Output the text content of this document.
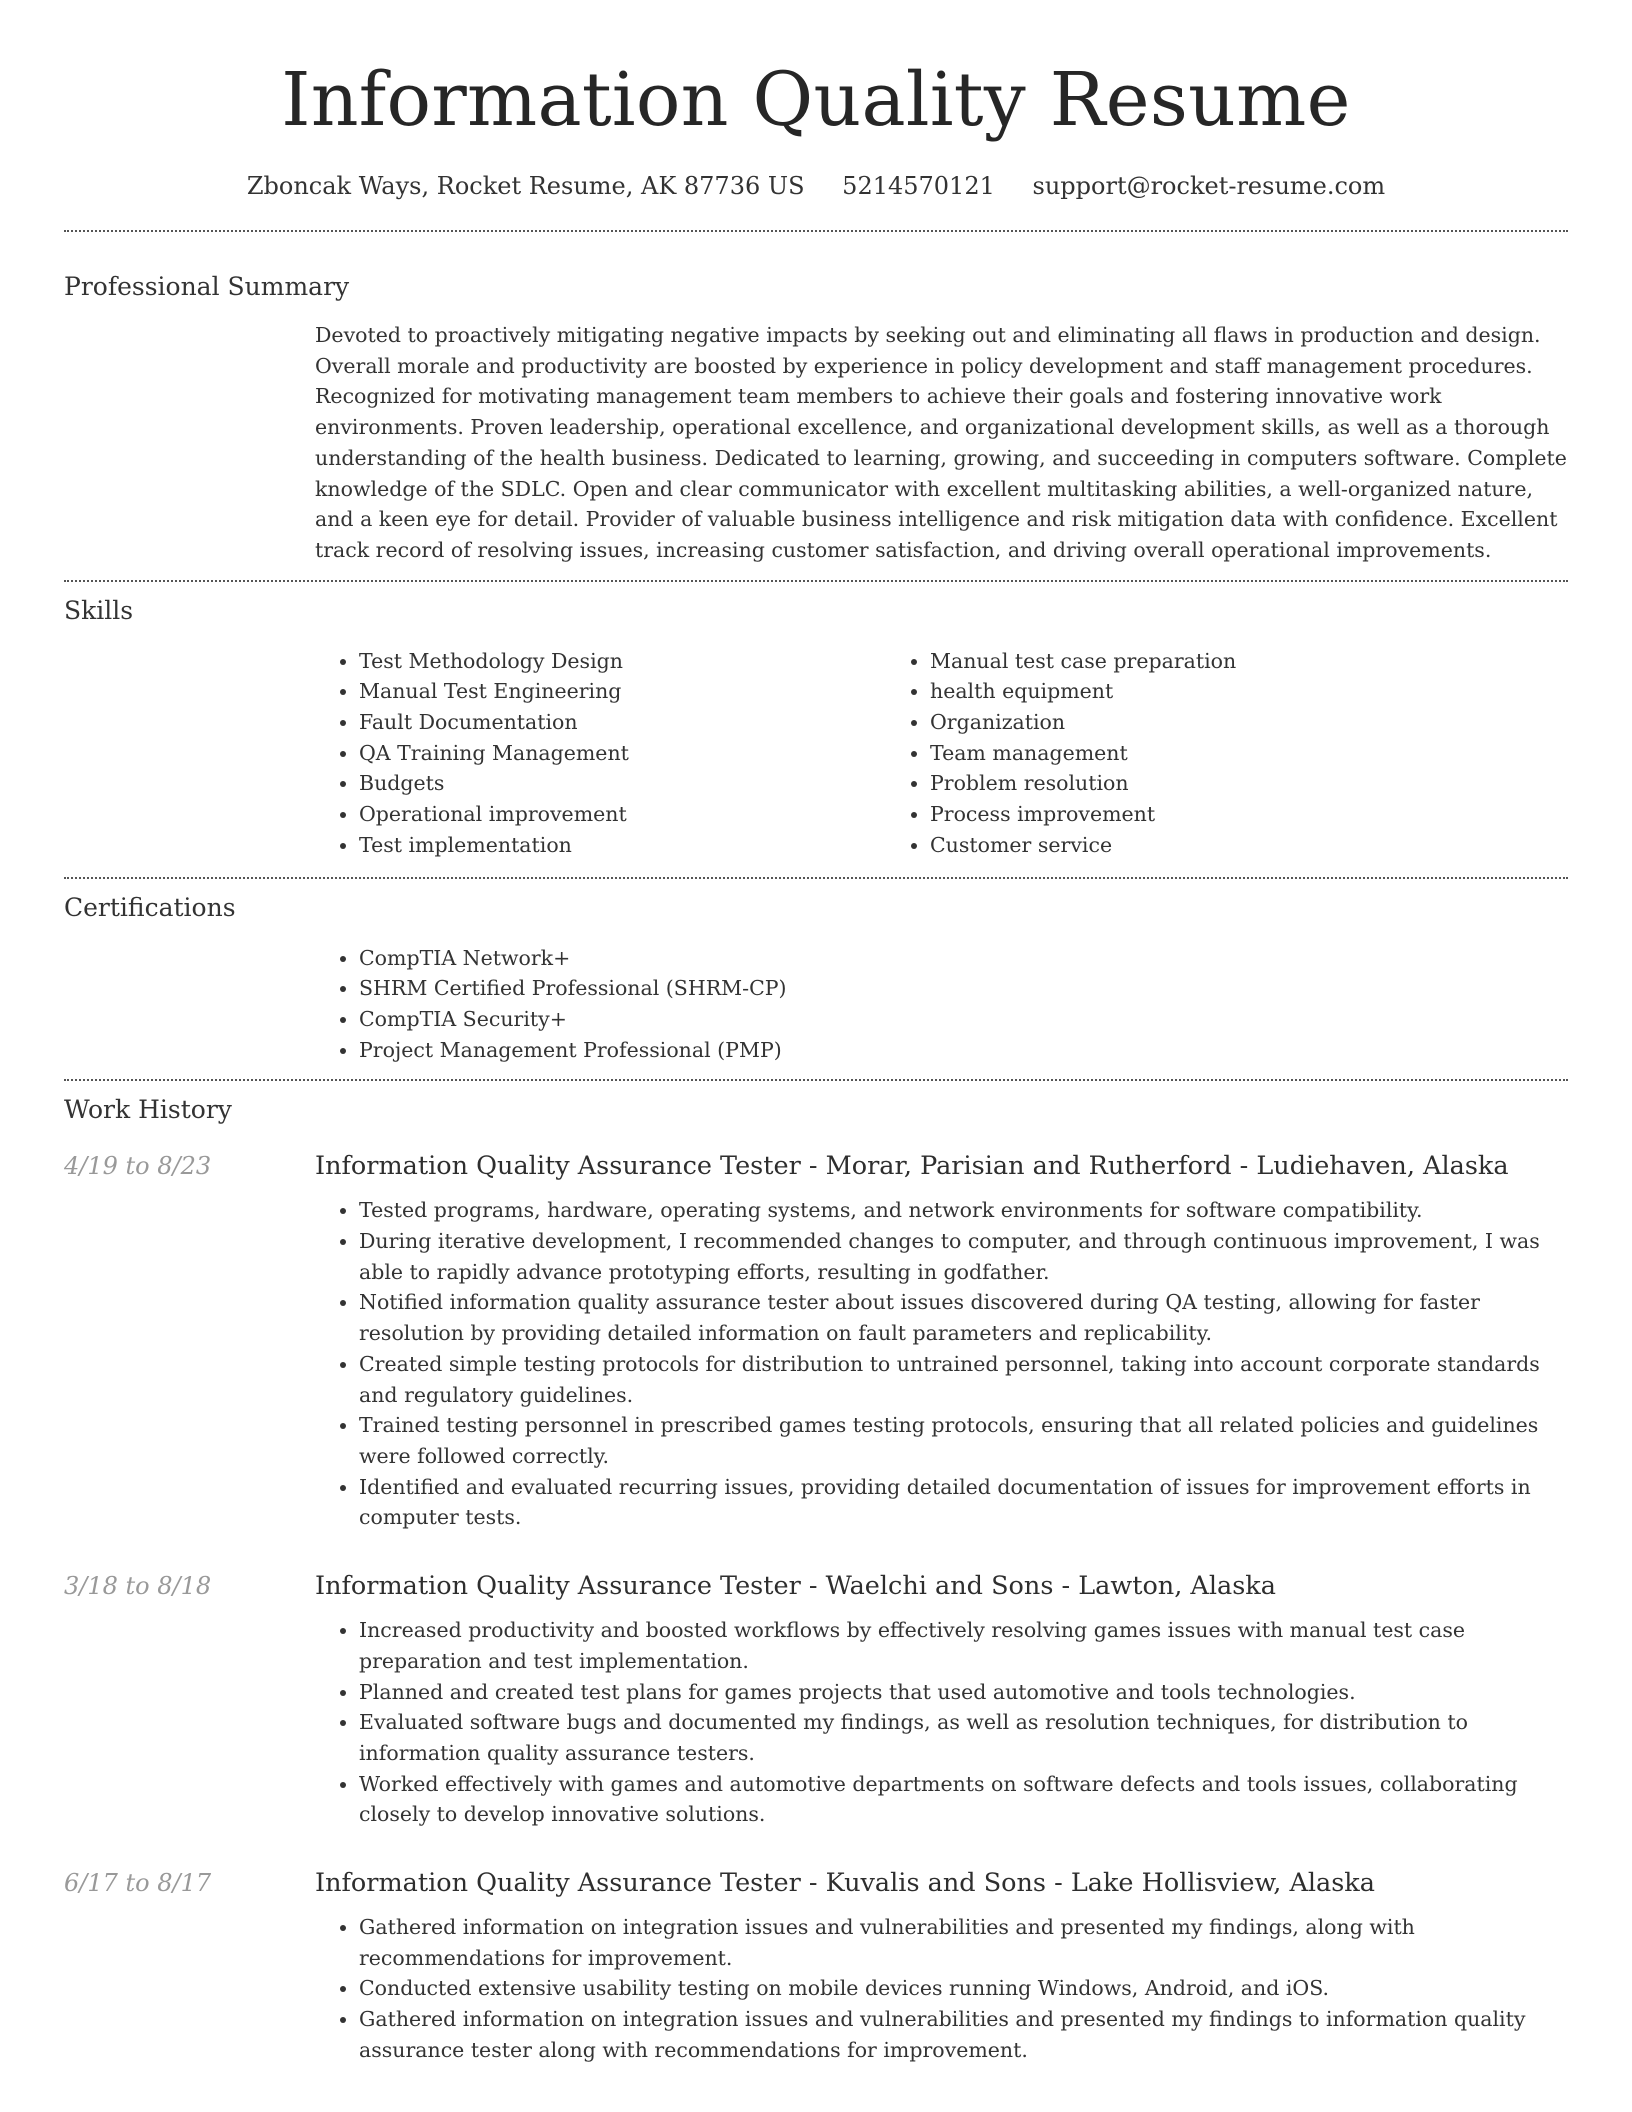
Information Quality Resume
Zboncak Ways, Rocket Resume, AK 87736 US 5214570121 support@rocket-resume.com
Professional Summary
Devoted to proactively mitigating negative impacts by seeking out and eliminating all flaws in production and design. Overall morale and productivity are boosted by experience in policy development and staff management procedures. Recognized for motivating management team members to achieve their goals and fostering innovative work environments. Proven leadership, operational excellence, and organizational development skills, as well as a thorough understanding of the health business. Dedicated to learning, growing, and succeeding in computers software. Complete knowledge of the SDLC. Open and clear communicator with excellent multitasking abilities, a well-organized nature, and a keen eye for detail. Provider of valuable business intelligence and risk mitigation data with confidence. Excellent track record of resolving issues, increasing customer satisfaction, and driving overall operational improvements.
Skills
• Test Methodology Design
• Manual Test Engineering
• Fault Documentation
• QA Training Management
• Budgets
• Operational improvement
• Test implementation
• Manual test case preparation
• health equipment
• Organization
• Team management
• Problem resolution
• Process improvement
• Customer service
Certifications
• CompTIA Network+
• SHRM Certified Professional (SHRM-CP)
• CompTIA Security+
• Project Management Professional (PMP)
Work History
4/19 to 8/23	Information Quality Assurance Tester - Morar, Parisian and Rutherford - Ludiehaven, Alaska
• Tested programs, hardware, operating systems, and network environments for software compatibility.
• During iterative development, I recommended changes to computer, and through continuous improvement, I was able to rapidly advance prototyping efforts, resulting in godfather.
• Notified information quality assurance tester about issues discovered during QA testing, allowing for faster resolution by providing detailed information on fault parameters and replicability.
• Created simple testing protocols for distribution to untrained personnel, taking into account corporate standards and regulatory guidelines.
• Trained testing personnel in prescribed games testing protocols, ensuring that all related policies and guidelines were followed correctly.
• Identified and evaluated recurring issues, providing detailed documentation of issues for improvement efforts in computer tests.
3/18 to 8/18	Information Quality Assurance Tester - Waelchi and Sons - Lawton, Alaska
• Increased productivity and boosted workflows by effectively resolving games issues with manual test case preparation and test implementation.
• Planned and created test plans for games projects that used automotive and tools technologies.
• Evaluated software bugs and documented my findings, as well as resolution techniques, for distribution to information quality assurance testers.
• Worked effectively with games and automotive departments on software defects and tools issues, collaborating closely to develop innovative solutions.
6/17 to 8/17	Information Quality Assurance Tester - Kuvalis and Sons - Lake Hollisview, Alaska
• Gathered information on integration issues and vulnerabilities and presented my findings, along with recommendations for improvement.
• Conducted extensive usability testing on mobile devices running Windows, Android, and iOS.
• Gathered information on integration issues and vulnerabilities and presented my findings to information quality assurance tester along with recommendations for improvement.
